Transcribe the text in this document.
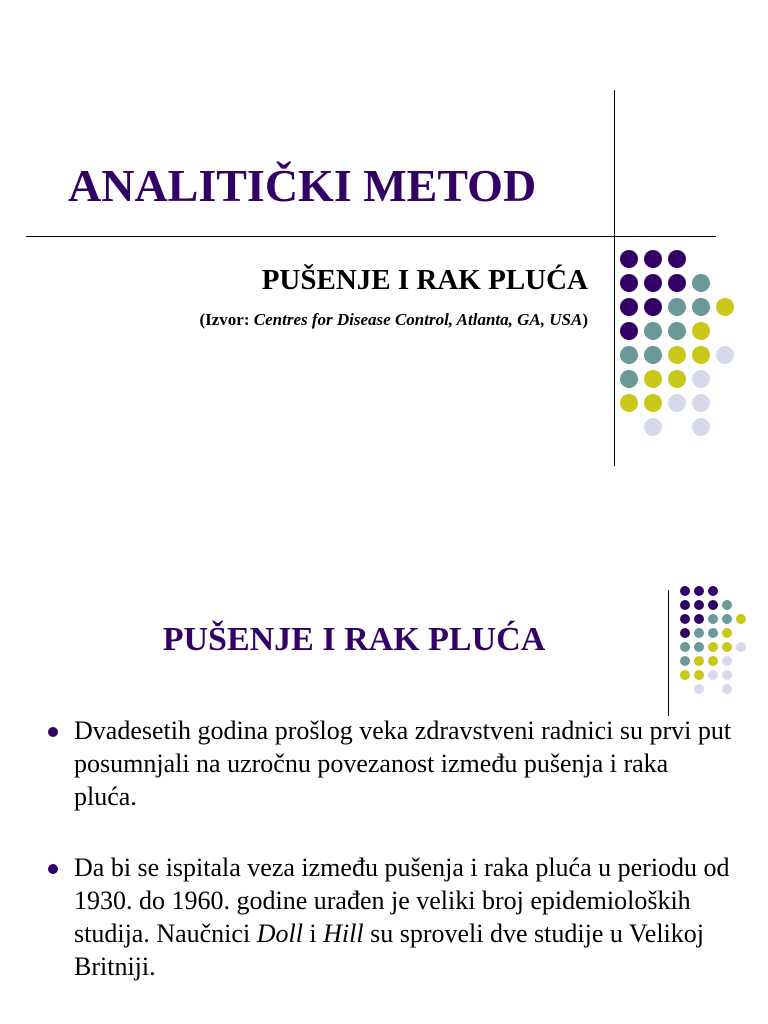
ANALITIČKI METOD
PUŠENJE I RAK PLUĆA
(Izvor: Centres for Disease Control, Atlanta, GA, USA)
PUŠENJE I RAK PLUĆA
Dvadesetih godina prošlog veka zdravstveni radnici su prvi put posumnjali na uzročnu povezanost između pušenja i raka pluća.
Da bi se ispitala veza između pušenja i raka pluća u periodu od 1930. do 1960. godine urađen je veliki broj epidemioloških studija. Naučnici Doll i Hill su sproveli dve studije u Velikoj Britniji.
